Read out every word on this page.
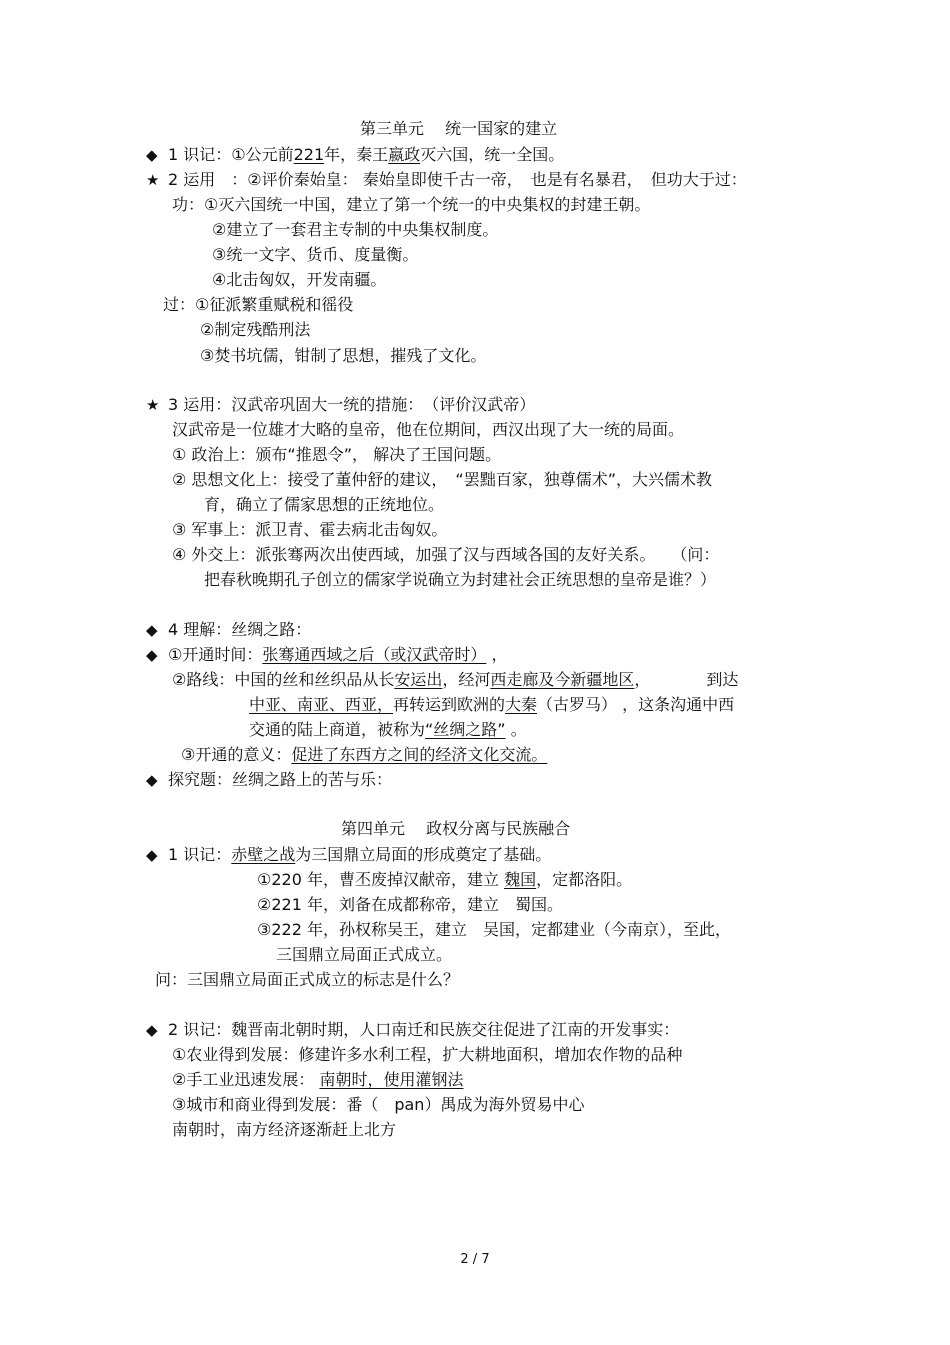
第三单元　 统一国家的建立
◆ 1 识记：①公元前221年，秦王嬴政灭六国，统一全国。
★ 2 运用　：②评价秦始皇： 秦始皇即使千古一帝，　也是有名暴君，　但功大于过：
功：①灭六国统一中国，建立了第一个统一的中央集权的封建王朝。
②建立了一套君主专制的中央集权制度。
③统一文字、货币、度量衡。
④北击匈奴，开发南疆。
过：①征派繁重赋税和徭役
②制定残酷刑法
③焚书坑儒，钳制了思想，摧残了文化。
★ 3 运用：汉武帝巩固大一统的措施：　（评价汉武帝）
汉武帝是一位雄才大略的皇帝，他在位期间，西汉出现了大一统的局面。
① 政治上：颁布“推恩令”， 解决了王国问题。
② 思想文化上：接受了董仲舒的建议，　“罢黜百家，独尊儒术”，大兴儒术教
育，确立了儒家思想的正统地位。
③ 军事上：派卫青、霍去病北击匈奴。
④ 外交上：派张骞两次出使西域，加强了汉与西域各国的友好关系。　　（问：
把春秋晚期孔子创立的儒家学说确立为封建社会正统思想的皇帝是谁？）
◆ 4 理解：丝绸之路：
◆ ①开通时间：张骞通西域之后（或汉武帝时） ，
②路线：中国的丝和丝织品从长安运出，经河西走廊及今新疆地区，　　　　到达
中亚、南亚、西亚，再转运到欧洲的大秦（古罗马） ，这条沟通中西
交通的陆上商道，被称为“丝绸之路” 。
③开通的意义：促进了东西方之间的经济文化交流。
◆ 探究题：丝绸之路上的苦与乐：
第四单元　 政权分离与民族融合
◆ 1 识记：赤壁之战为三国鼎立局面的形成奠定了基础。
①220 年，曹丕废掉汉献帝，建立 魏国，定都洛阳。
②221 年，刘备在成都称帝，建立　蜀国。
③222 年，孙权称吴王，建立　吴国，定都建业（今南京），至此，
三国鼎立局面正式成立。
问：三国鼎立局面正式成立的标志是什么？
◆ 2 识记：魏晋南北朝时期，人口南迁和民族交往促进了江南的开发事实：
①农业得到发展：修建许多水利工程，扩大耕地面积，增加农作物的品种
②手工业迅速发展： 南朝时，使用灌钢法
③城市和商业得到发展：番（　pan）禺成为海外贸易中心
南朝时，南方经济逐渐赶上北方
2 / 7
